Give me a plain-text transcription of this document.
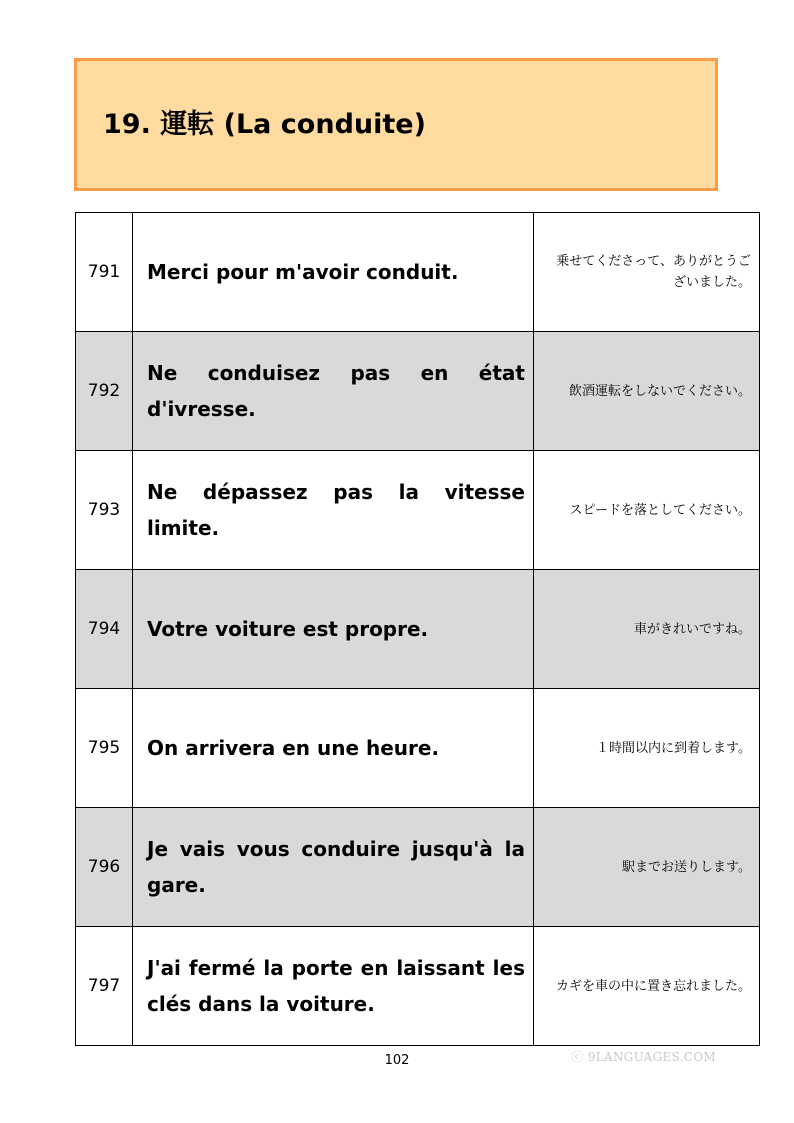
19. 運転 (La conduite)
791	Merci pour m'avoir conduit.	乗せてくださって、ありがとうございました。
792	Ne conduisez pas en état d'ivresse.	飲酒運転をしないでください。
793	Ne dépassez pas la vitesse limite.	スピードを落としてください。
794	Votre voiture est propre.	車がきれいですね。
795	On arrivera en une heure.	１時間以内に到着します。
796	Je vais vous conduire jusqu'à la gare.	駅までお送りします。
797	J'ai fermé la porte en laissant les clés dans la voiture.	カギを車の中に置き忘れました。
102	ⓒ 9LANGUAGES.COM
